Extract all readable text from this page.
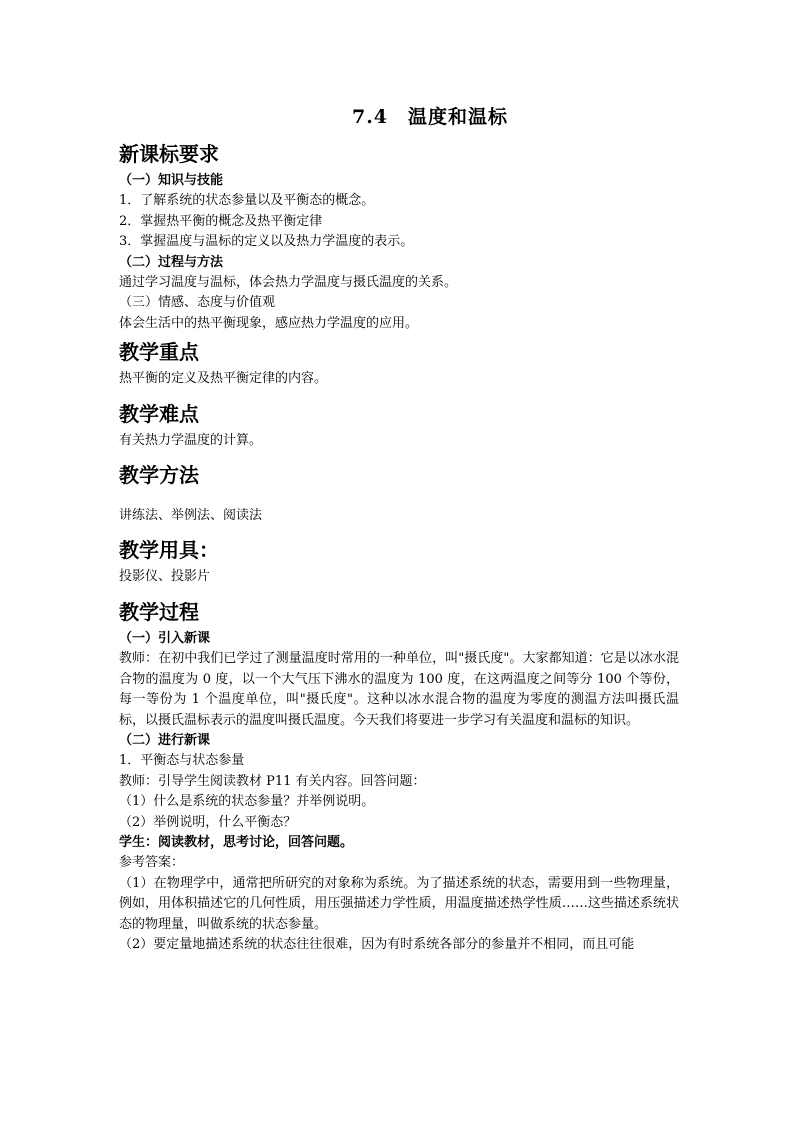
7.4　温度和温标
新课标要求
（一）知识与技能
1．了解系统的状态参量以及平衡态的概念。
2．掌握热平衡的概念及热平衡定律
3．掌握温度与温标的定义以及热力学温度的表示。
（二）过程与方法
通过学习温度与温标，体会热力学温度与摄氏温度的关系。
（三）情感、态度与价值观
体会生活中的热平衡现象，感应热力学温度的应用。
教学重点
热平衡的定义及热平衡定律的内容。
教学难点
有关热力学温度的计算。
教学方法
讲练法、举例法、阅读法
教学用具：
投影仪、投影片
教学过程
（一）引入新课
教师：在初中我们已学过了测量温度时常用的一种单位，叫"摄氏度"。大家都知道：它是以冰水混合物的温度为 0 度，以一个大气压下沸水的温度为 100 度，在这两温度之间等分 100 个等份，每一等份为 1 个温度单位，叫"摄氏度"。这种以冰水混合物的温度为零度的测温方法叫摄氏温标，以摄氏温标表示的温度叫摄氏温度。今天我们将要进一步学习有关温度和温标的知识。
（二）进行新课
1．平衡态与状态参量
教师：引导学生阅读教材 P11 有关内容。回答问题：
（1）什么是系统的状态参量？并举例说明。
（2）举例说明，什么平衡态？
学生：阅读教材，思考讨论，回答问题。
参考答案：
（1）在物理学中，通常把所研究的对象称为系统。为了描述系统的状态，需要用到一些物理量，例如，用体积描述它的几何性质，用压强描述力学性质，用温度描述热学性质……这些描述系统状态的物理量，叫做系统的状态参量。
（2）要定量地描述系统的状态往往很难，因为有时系统各部分的参量并不相同，而且可能
